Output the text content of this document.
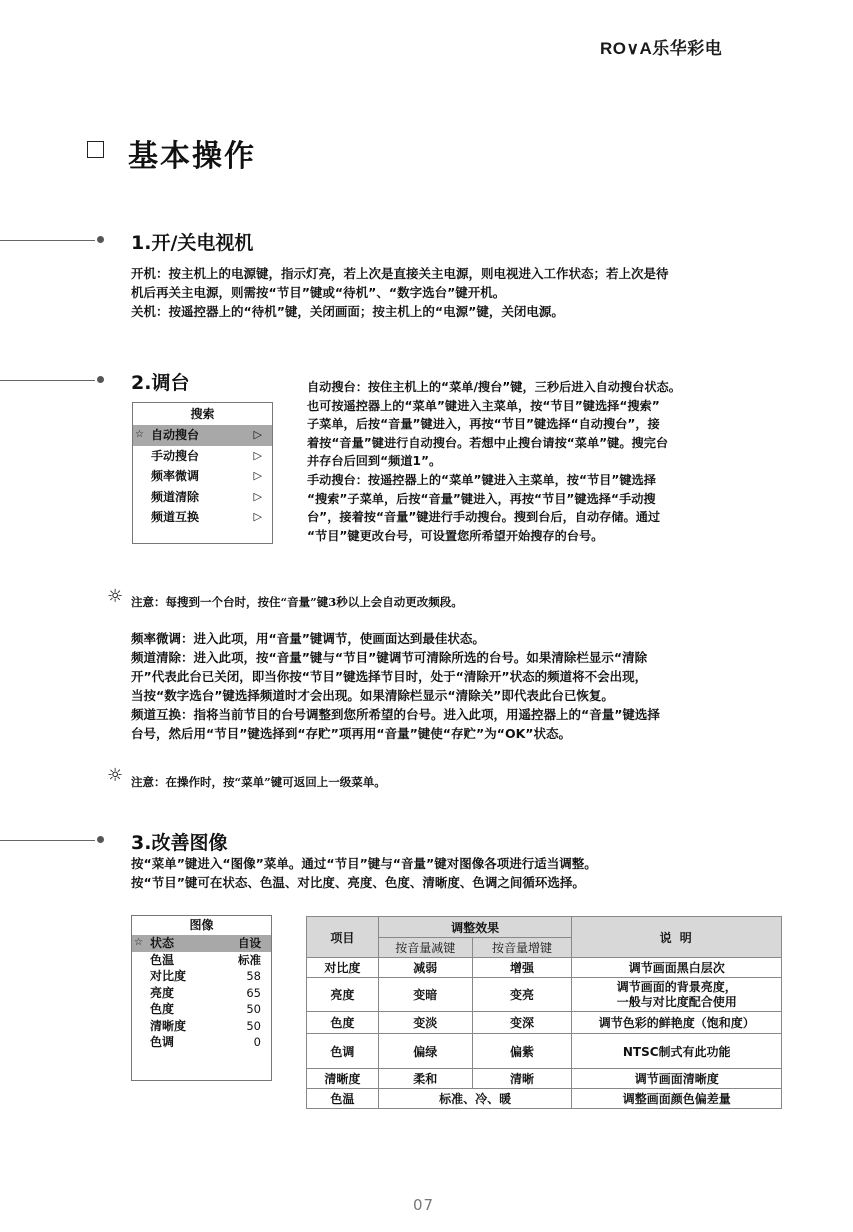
RO∨A乐华彩电
基本操作
1.开/关电视机

开机：按主机上的电源键，指示灯亮，若上次是直接关主电源，则电视进入工作状态；若上次是待

机后再关主电源，则需按“节目”键或“待机”、“数字选台”键开机。

关机：按遥控器上的“待机”键，关闭画面；按主机上的“电源”键，关闭电源。

2.调台
搜索
☆ 自动搜台	▷
手动搜台	▷
频率微调	▷
频道清除	▷
频道互换	▷

自动搜台：按住主机上的“菜单/搜台”键，三秒后进入自动搜台状态。

也可按遥控器上的“菜单”键进入主菜单，按“节目”键选择“搜索”

子菜单，后按“音量”键进入，再按“节目”键选择“自动搜台”，接

着按“音量”键进行自动搜台。若想中止搜台请按“菜单”键。搜完台

并存台后回到“频道1”。

手动搜台：按遥控器上的“菜单”键进入主菜单，按“节目”键选择

“搜索”子菜单，后按“音量”键进入，再按“节目”键选择“手动搜

台”，接着按“音量”键进行手动搜台。搜到台后，自动存储。通过

“节目”键更改台号，可设置您所希望开始搜存的台号。

☼ 注意：每搜到一个台时，按住“音量”键3秒以上会自动更改频段。

频率微调：进入此项，用“音量”键调节，使画面达到最佳状态。

频道清除：进入此项，按“音量”键与“节目”键调节可清除所选的台号。如果清除栏显示“清除

开”代表此台已关闭，即当你按“节目”键选择节目时，处于“清除开”状态的频道将不会出现，

当按“数字选台”键选择频道时才会出现。如果清除栏显示“清除关”即代表此台已恢复。

频道互换：指将当前节目的台号调整到您所希望的台号。进入此项，用遥控器上的“音量”键选择

台号，然后用“节目”键选择到“存贮”项再用“音量”键使“存贮”为“OK”状态。

☼ 注意：在操作时，按“菜单”键可返回上一级菜单。
3.改善图像

按“菜单”键进入“图像”菜单。通过“节目”键与“音量”键对图像各项进行适当调整。

按“节目”键可在状态、色温、对比度、亮度、色度、清晰度、色调之间循环选择。

图像
☆ 状态	自设
色温	标准
对比度	58
亮度	65
色度	50
清晰度	50
色调	0
项目	调整效果		说 明
	按音量减键	按音量增键	
对比度	减弱	增强	调节画面黑白层次
亮度	变暗	变亮	调节画面的背景亮度，
一般与对比度配合使用

色度	变淡	变深	调节色彩的鲜艳度（饱和度）
色调	偏绿	偏紫	NTSC制式有此功能
清晰度	柔和	清晰	调节画面清晰度
色温	标准、冷、暖		调整画面颜色偏差量
07
